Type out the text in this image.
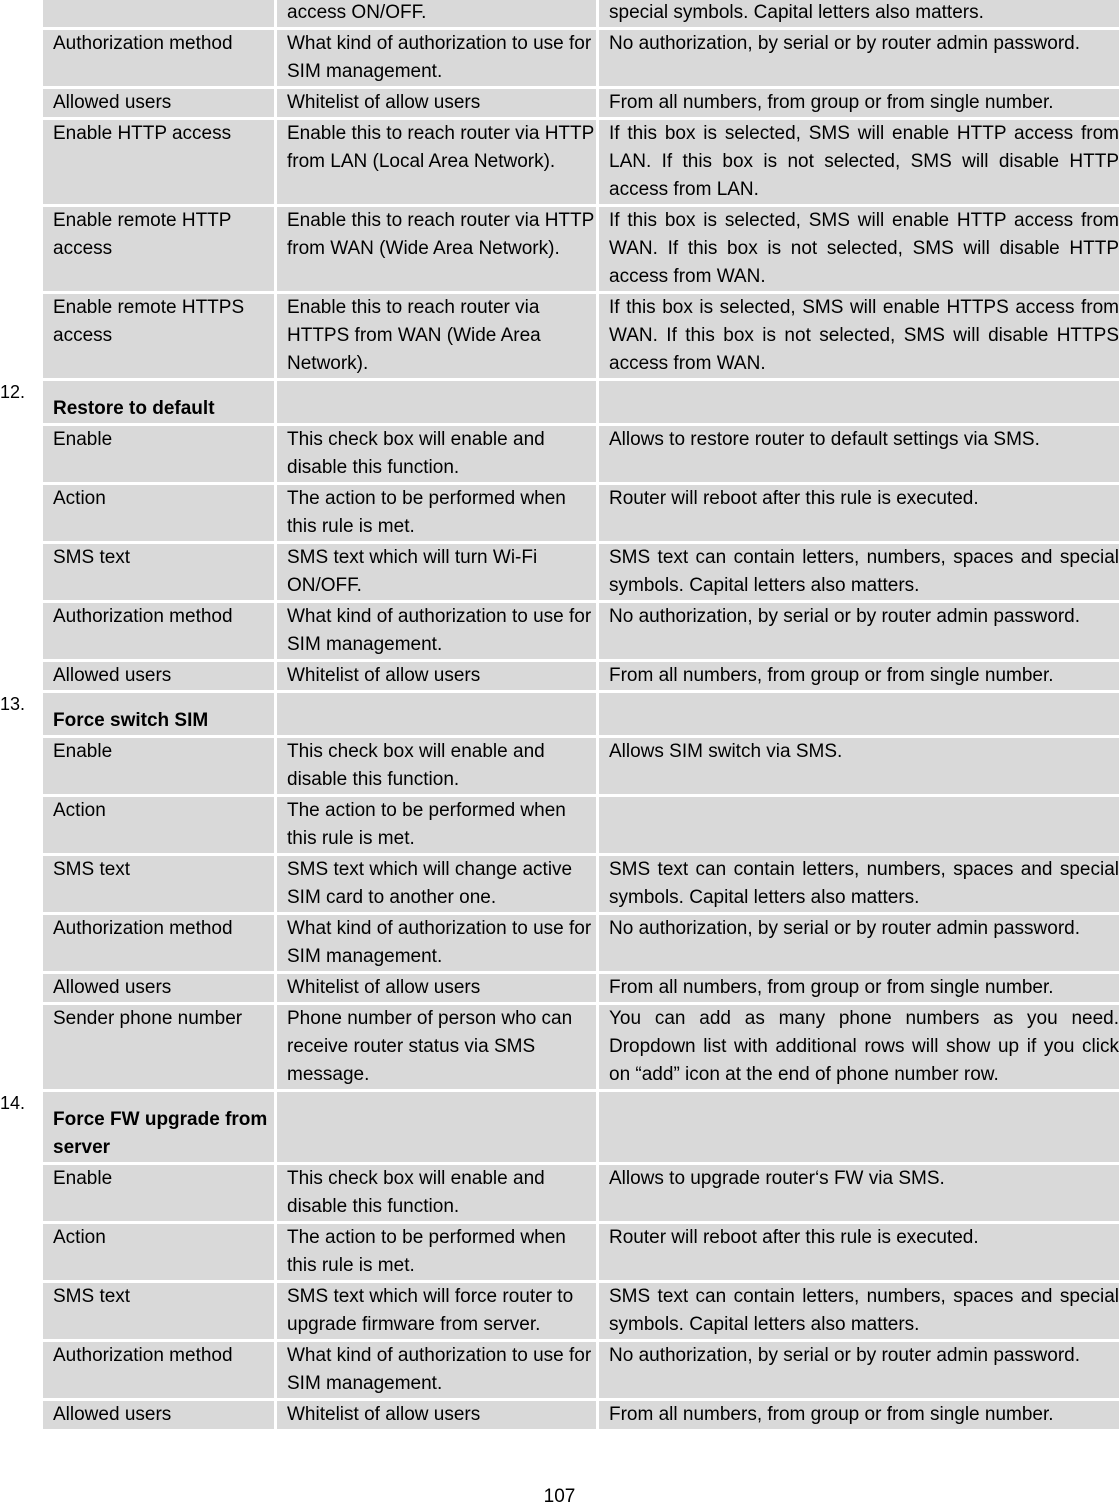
		access ON/OFF.	special symbols. Capital letters also matters.
	Authorization method	What kind of authorization to use for SIM management.	No authorization, by serial or by router admin password.
	Allowed users	Whitelist of allow users	From all numbers, from group or from single number.
	Enable HTTP access	Enable this to reach router via HTTP from LAN (Local Area Network).	If this box is selected, SMS will enable HTTP access from LAN. If this box is not selected, SMS will disable HTTP access from LAN.
	Enable remote HTTP access	Enable this to reach router via HTTP from WAN (Wide Area Network).	If this box is selected, SMS will enable HTTP access from WAN. If this box is not selected, SMS will disable HTTP access from WAN.
	Enable remote HTTPS access	Enable this to reach router via HTTPS from WAN (Wide Area Network).	If this box is selected, SMS will enable HTTPS access from WAN. If this box is not selected, SMS will disable HTTPS access from WAN.
12.	Restore to default		
	Enable	This check box will enable and disable this function.	Allows to restore router to default settings via SMS.
	Action	The action to be performed when this rule is met.	Router will reboot after this rule is executed.
	SMS text	SMS text which will turn Wi-Fi ON/OFF.	SMS text can contain letters, numbers, spaces and special symbols. Capital letters also matters.
	Authorization method	What kind of authorization to use for SIM management.	No authorization, by serial or by router admin password.
	Allowed users	Whitelist of allow users	From all numbers, from group or from single number.
13.	Force switch SIM		
	Enable	This check box will enable and disable this function.	Allows SIM switch via SMS.
	Action	The action to be performed when this rule is met.	
	SMS text	SMS text which will change active SIM card to another one.	SMS text can contain letters, numbers, spaces and special symbols. Capital letters also matters.
	Authorization method	What kind of authorization to use for SIM management.	No authorization, by serial or by router admin password.
	Allowed users	Whitelist of allow users	From all numbers, from group or from single number.
	Sender phone number	Phone number of person who can receive router status via SMS message.	You can add as many phone numbers as you need. Dropdown list with additional rows will show up if you click on “add” icon at the end of phone number row.
14.	Force FW upgrade from server		
	Enable	This check box will enable and disable this function.	Allows to upgrade router‘s FW via SMS.
	Action	The action to be performed when this rule is met.	Router will reboot after this rule is executed.
	SMS text	SMS text which will force router to upgrade firmware from server.	SMS text can contain letters, numbers, spaces and special symbols. Capital letters also matters.
	Authorization method	What kind of authorization to use for SIM management.	No authorization, by serial or by router admin password.
	Allowed users	Whitelist of allow users	From all numbers, from group or from single number.
107
